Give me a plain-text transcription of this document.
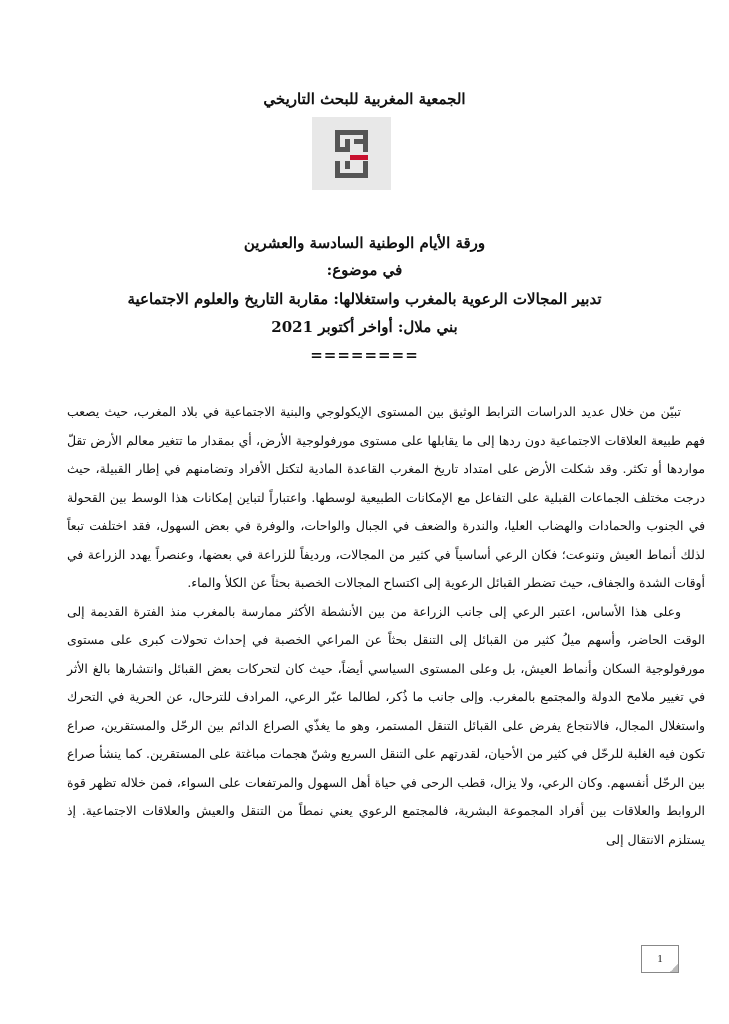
الجمعية المغربية للبحث التاريخي
ورقة الأيام الوطنية السادسة والعشرين
في موضوع:
تدبير المجالات الرعوية بالمغرب واستغلالها: مقاربة التاريخ والعلوم الاجتماعية
بني ملال: أواخر أكتوبر 2021
========

تبيّن من خلال عديد الدراسات الترابط الوثيق بين المستوى الإيكولوجي والبنية الاجتماعية في بلاد المغرب، حيث يصعب فهم طبيعة العلاقات الاجتماعية دون ردها إلى ما يقابلها على مستوى مورفولوجية الأرض، أي بمقدار ما تتغير معالم الأرض تقلّ مواردها أو تكثر. وقد شكلت الأرض على امتداد تاريخ المغرب القاعدة المادية لتكتل الأفراد وتضامنهم في إطار القبيلة، حيث درجت مختلف الجماعات القبلية على التفاعل مع الإمكانات الطبيعية لوسطها. واعتباراً لتباين إمكانات هذا الوسط بين القحولة في الجنوب والحمادات والهضاب العليا، والندرة والضعف في الجبال والواحات، والوفرة في بعض السهول، فقد اختلفت تبعاً لذلك أنماط العيش وتنوعت؛ فكان الرعي أساسياً في كثير من المجالات، ورديفاً للزراعة في بعضها، وعنصراً يهدد الزراعة في أوقات الشدة والجفاف، حيث تضطر القبائل الرعوية إلى اكتساح المجالات الخصبة بحثاً عن الكلأ والماء.

وعلى هذا الأساس، اعتبر الرعي إلى جانب الزراعة من بين الأنشطة الأكثر ممارسة بالمغرب منذ الفترة القديمة إلى الوقت الحاضر، وأسهم ميلُ كثير من القبائل إلى التنقل بحثاً عن المراعي الخصبة في إحداث تحولات كبرى على مستوى مورفولوجية السكان وأنماط العيش، بل وعلى المستوى السياسي أيضاً، حيث كان لتحركات بعض القبائل وانتشارها بالغ الأثر في تغيير ملامح الدولة والمجتمع بالمغرب. وإلى جانب ما ذُكر، لطالما عبّر الرعي، المرادف للترحال، عن الحرية في التحرك واستغلال المجال، فالانتجاع يفرض على القبائل التنقل المستمر، وهو ما يغذّي الصراع الدائم بين الرحّل والمستقرين، صراع تكون فيه الغلبة للرحّل في كثير من الأحيان، لقدرتهم على التنقل السريع وشنّ هجمات مباغتة على المستقرين. كما ينشأ صراع بين الرحّل أنفسهم. وكان الرعي، ولا يزال، قطب الرحى في حياة أهل السهول والمرتفعات على السواء، فمن خلاله تظهر قوة الروابط والعلاقات بين أفراد المجموعة البشرية، فالمجتمع الرعوي يعني نمطاً من التنقل والعيش والعلاقات الاجتماعية. إذ يستلزم الانتقال إلى

1
